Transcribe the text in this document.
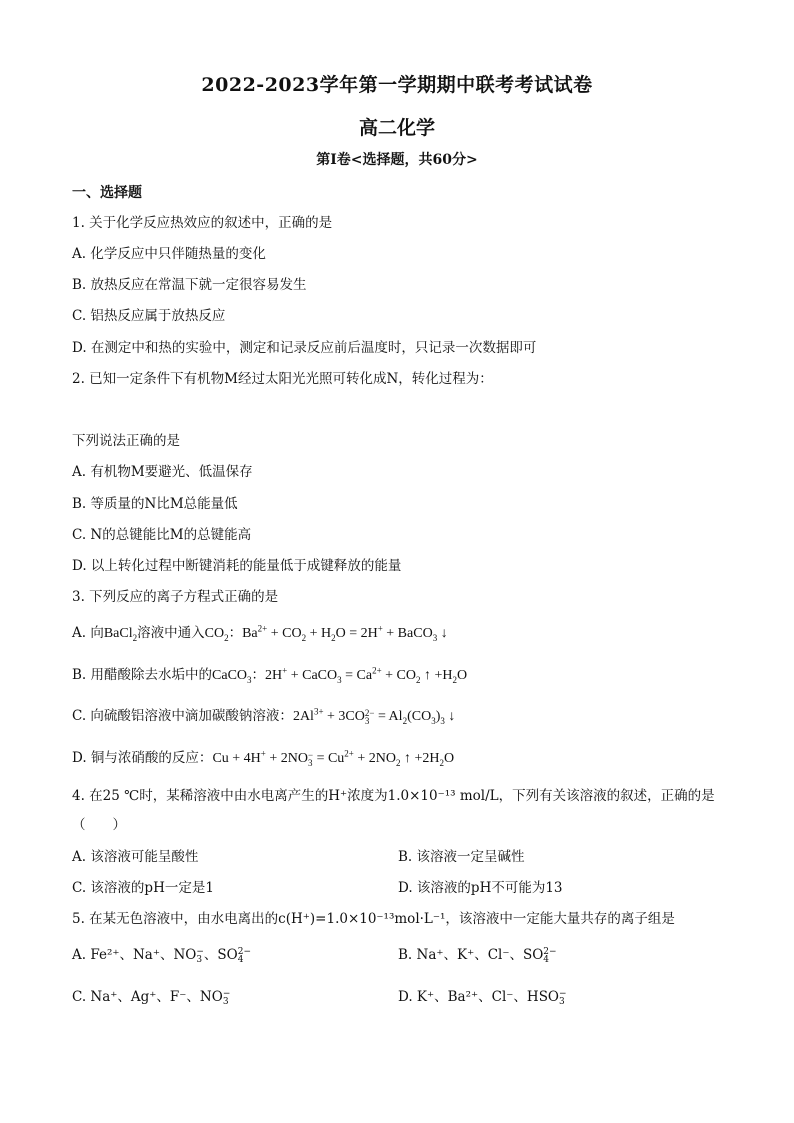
2022-2023学年第一学期期中联考考试试卷
高二化学
第I卷<选择题，共60分>
一、选择题
1. 关于化学反应热效应的叙述中，正确的是
A. 化学反应中只伴随热量的变化
B. 放热反应在常温下就一定很容易发生
C. 铝热反应属于放热反应
D. 在测定中和热的实验中，测定和记录反应前后温度时，只记录一次数据即可
2. 已知一定条件下有机物M经过太阳光光照可转化成N，转化过程为：
下列说法正确的是
A. 有机物M要避光、低温保存
B. 等质量的N比M总能量低
C. N的总键能比M的总键能高
D. 以上转化过程中断键消耗的能量低于成键释放的能量
3. 下列反应的离子方程式正确的是
A. 向BaCl$_2$溶液中通入$CO_2$：$Ba^{2+} + CO_2 + H_2O = 2H^+$ + BaCO$_3$ ↓
B. 用醋酸除去水垢中的CaCO$_3$：2H+ + CaCO$_3$ = $Ca^{2+} + CO_2$ ↑ $+H_2O$
C. 向硫酸铝溶液中滴加碳酸钠溶液：$2Al^{3+} + 3CO$ 2−
$3 = Al_2(CO_3)_3$ ↓
D. 铜与浓硝酸的反应：Cu + 4H+ + 2NO −
$3 = Cu^{2+} + 2NO_2$ ↑ $+2H_2O$
4. 在25 ℃时，某稀溶液中由水电离产生的H⁺浓度为1.0×10⁻¹³ mol/L，下列有关该溶液的叙述，正确的是
（　　）
A. 该溶液可能呈酸性	B. 该溶液一定呈碱性
C. 该溶液的pH一定是1	D. 该溶液的pH不可能为13
5. 在某无色溶液中，由水电离出的c(H⁺)=1.0×10⁻¹³mol·L⁻¹，该溶液中一定能大量共存的离子组是
A. Fe²⁺、Na⁺、NO −
3 、SO 2−
4	B. Na⁺、K⁺、Cl⁻、SO 2−
4
C. Na⁺、Ag⁺、F⁻、NO −
3	D. K⁺、Ba²⁺、Cl⁻、HSO −
3
